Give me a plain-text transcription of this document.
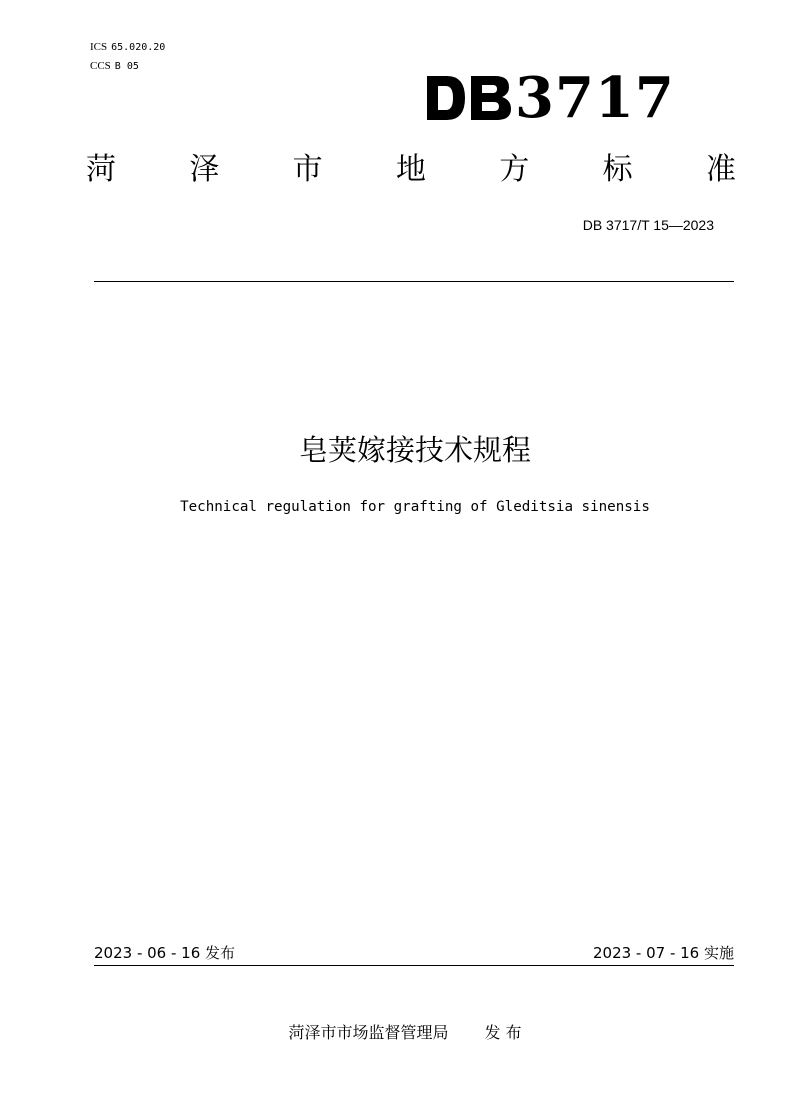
ICS 65.020.20
CCS B 05	3717
菏 泽 市 地 方 标 准
DB 3717/T 15—2023
皂荚嫁接技术规程
Technical regulation for grafting of Gleditsia sinensis
2023 - 06 - 16 发布	2023 - 07 - 16 实施
菏泽市市场监督管理局 发 布
